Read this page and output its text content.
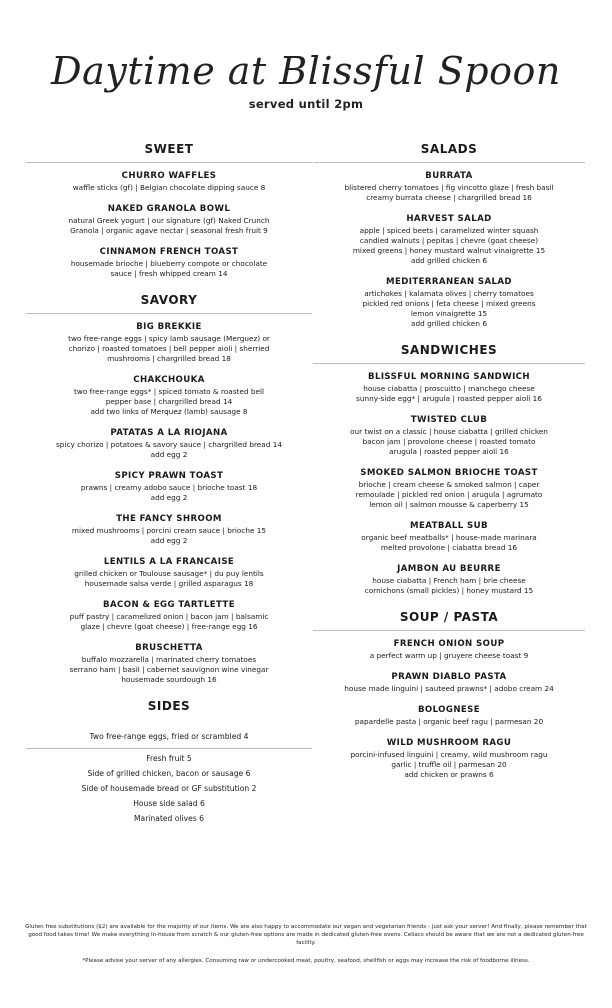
Daytime at Blissful Spoon
served until 2pm
SWEET
CHURRO WAFFLES
waffle sticks (gf) | Belgian chocolate dipping sauce 8
NAKED GRANOLA BOWL
natural Greek yogurt | our signature (gf) Naked Crunch
Granola | organic agave nectar | seasonal fresh fruit 9
CINNAMON FRENCH TOAST
housemade brioche | blueberry compote or chocolate
sauce | fresh whipped cream 14
SAVORY
BIG BREKKIE
two free-range eggs | spicy lamb sausage (Merguez) or
chorizo | roasted tomatoes | bell pepper aioli | sherried
mushrooms | chargrilled bread 18
CHAKCHOUKA
two free-range eggs* | spiced tomato & roasted bell
pepper base | chargrilled bread 14
add two links of Merquez (lamb) sausage 8
PATATAS A LA RIOJANA
spicy chorizo | potatoes & savory sauce | chargrilled bread 14
add egg 2
SPICY PRAWN TOAST
prawns | creamy adobo sauce | brioche toast 18
add egg 2
THE FANCY SHROOM
mixed mushrooms | porcini cream sauce | brioche 15
add egg 2
LENTILS A LA FRANCAISE
grilled chicken or Toulouse sausage* | du puy lentils
housemade salsa verde | grilled asparagus 18
BACON & EGG TARTLETTE
puff pastry | caramelized onion | bacon jam | balsamic
glaze | chevre (goat cheese) | free-range egg 16
BRUSCHETTA
buffalo mozzarella | marinated cherry tomatoes
serrano ham | basil | cabernet sauvignon wine vinegar
housemade sourdough 16
SIDES
Two free-range eggs, fried or scrambled 4
Fresh fruit 5
Side of grilled chicken, bacon or sausage 6
Side of housemade bread or GF substitution 2
House side salad 6
Marinated olives 6
SALADS
BURRATA
blistered cherry tomatoes | fig vincotto glaze | fresh basil
creamy burrata cheese | chargrilled bread 16
HARVEST SALAD
apple | spiced beets | caramelized winter squash
candied walnuts | pepitas | chevre (goat cheese)
mixed greens | honey mustard walnut vinaigrette 15
add grilled chicken 6
MEDITERRANEAN SALAD
artichokes | kalamata olives | cherry tomatoes
pickled red onions | feta cheese | mixed greens
lemon vinaigrette 15
add grilled chicken 6
SANDWICHES
BLISSFUL MORNING SANDWICH
house ciabatta | proscuitto | manchego cheese
sunny-side egg* | arugula | roasted pepper aioli 16
TWISTED CLUB
our twist on a classic | house ciabatta | grilled chicken
bacon jam | provolone cheese | roasted tomato
arugula | roasted pepper aioli 16
SMOKED SALMON BRIOCHE TOAST
brioche | cream cheese & smoked salmon | caper
remoulade | pickled red onion | arugula | agrumato
lemon oil | salmon mousse & caperberry 15
MEATBALL SUB
organic beef meatballs* | house-made marinara
melted provolone | ciabatta bread 16
JAMBON AU BEURRE
house ciabatta | French ham | brie cheese
cornichons (small pickles) | honey mustard 15
SOUP / PASTA
FRENCH ONION SOUP
a perfect warm up | gruyere cheese toast 9
PRAWN DIABLO PASTA
house made linguini | sauteed prawns* | adobo cream 24
BOLOGNESE
papardelle pasta | organic beef ragu | parmesan 20
WILD MUSHROOM RAGU
porcini-infused linguini | creamy, wild mushroom ragu
garlic | truffle oil | parmesan 20
add chicken or prawns 6
Gluten free substitutions ($2) are available for the majority of our items. We are also happy to accommodate our vegan and vegetarian friends - just ask your server! And finally, please remember that good food takes time! We make everything in-house from scratch & our gluten-free options are made in dedicated gluten-free ovens. Celiacs should be aware that we are not a dedicated gluten-free facility.
*Please advise your server of any allergies. Consuming raw or undercooked meat, poultry, seafood, shellfish or eggs may increase the risk of foodborne illness.
